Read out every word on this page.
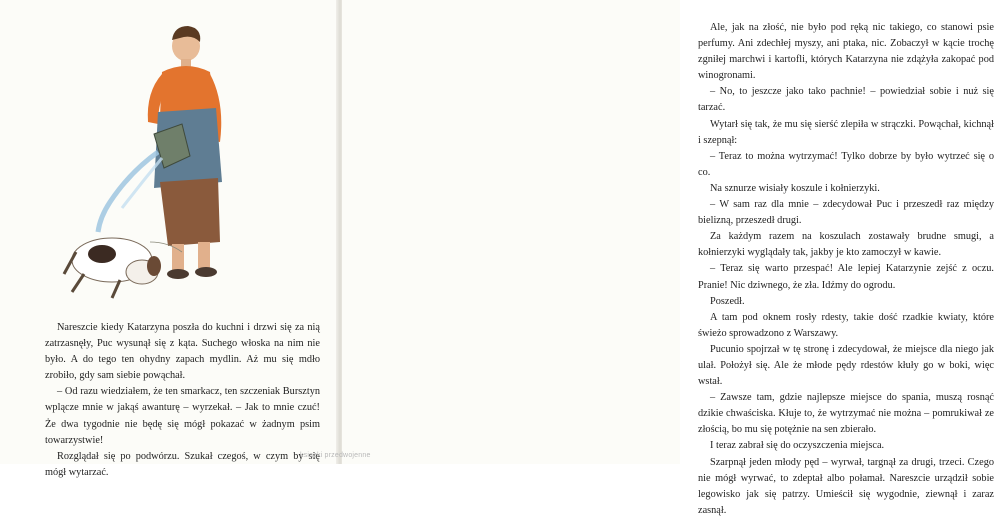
Nareszcie kiedy Katarzyna poszła do kuchni i drzwi się za nią zatrzasnęły, Puc wysunął się z kąta. Suchego włoska na nim nie było. A do tego ten ohydny zapach mydlin. Aż mu się mdło zrobiło, gdy sam siebie powąchał.

– Od razu wiedziałem, że ten smarkacz, ten szczeniak Bursztyn wplącze mnie w jakąś awanturę – wyrzekał. – Jak to mnie czuć! Że dwa tygodnie nie będę się mógł pokazać w żadnym psim towarzystwie!

Rozglądał się po podwórzu. Szukał czegoś, w czym by się mógł wytarzać.

Ale, jak na złość, nie było pod ręką nic takiego, co stanowi psie perfumy. Ani zdechłej myszy, ani ptaka, nic. Zobaczył w kącie trochę zgniłej marchwi i kartofli, których Katarzyna nie zdążyła zakopać pod winogronami.

– No, to jeszcze jako tako pachnie! – powiedział sobie i nuż się tarzać.

Wytarł się tak, że mu się sierść zlepiła w strączki. Powąchał, kichnął i szepnął:

– Teraz to można wytrzymać! Tylko dobrze by było wytrzeć się o co.

Na sznurze wisiały koszule i kołnierzyki.

– W sam raz dla mnie – zdecydował Puc i przeszedł raz między bielizną, przeszedł drugi.

Za każdym razem na koszulach zostawały brudne smugi, a kołnierzyki wyglądały tak, jakby je kto zamoczył w kawie.

– Teraz się warto przespać! Ale lepiej Katarzynie zejść z oczu. Pranie! Nic dziwnego, że zła. Idźmy do ogrodu.

Poszedł.

A tam pod oknem rosły rdesty, takie dość rzadkie kwiaty, które świeżo sprowadzono z Warszawy.

Pucunio spojrzał w tę stronę i zdecydował, że miejsce dla niego jak ulał. Położył się. Ale że młode pędy rdestów kłuły go w boki, więc wstał.

– Zawsze tam, gdzie najlepsze miejsce do spania, muszą rosnąć dzikie chwaściska. Kłuje to, że wytrzymać nie można – pomrukiwał ze złością, bo mu się potężnie na sen zbierało.

I teraz zabrał się do oczyszczenia miejsca.

Szarpnął jeden młody pęd – wyrwał, targnął za drugi, trzeci. Czego nie mógł wyrwać, to zdeptał albo połamał. Nareszcie urządził sobie legowisko jak się patrzy. Umieścił się wygodnie, ziewnął i zaraz zasnął.

ksiazki przedwojenne
